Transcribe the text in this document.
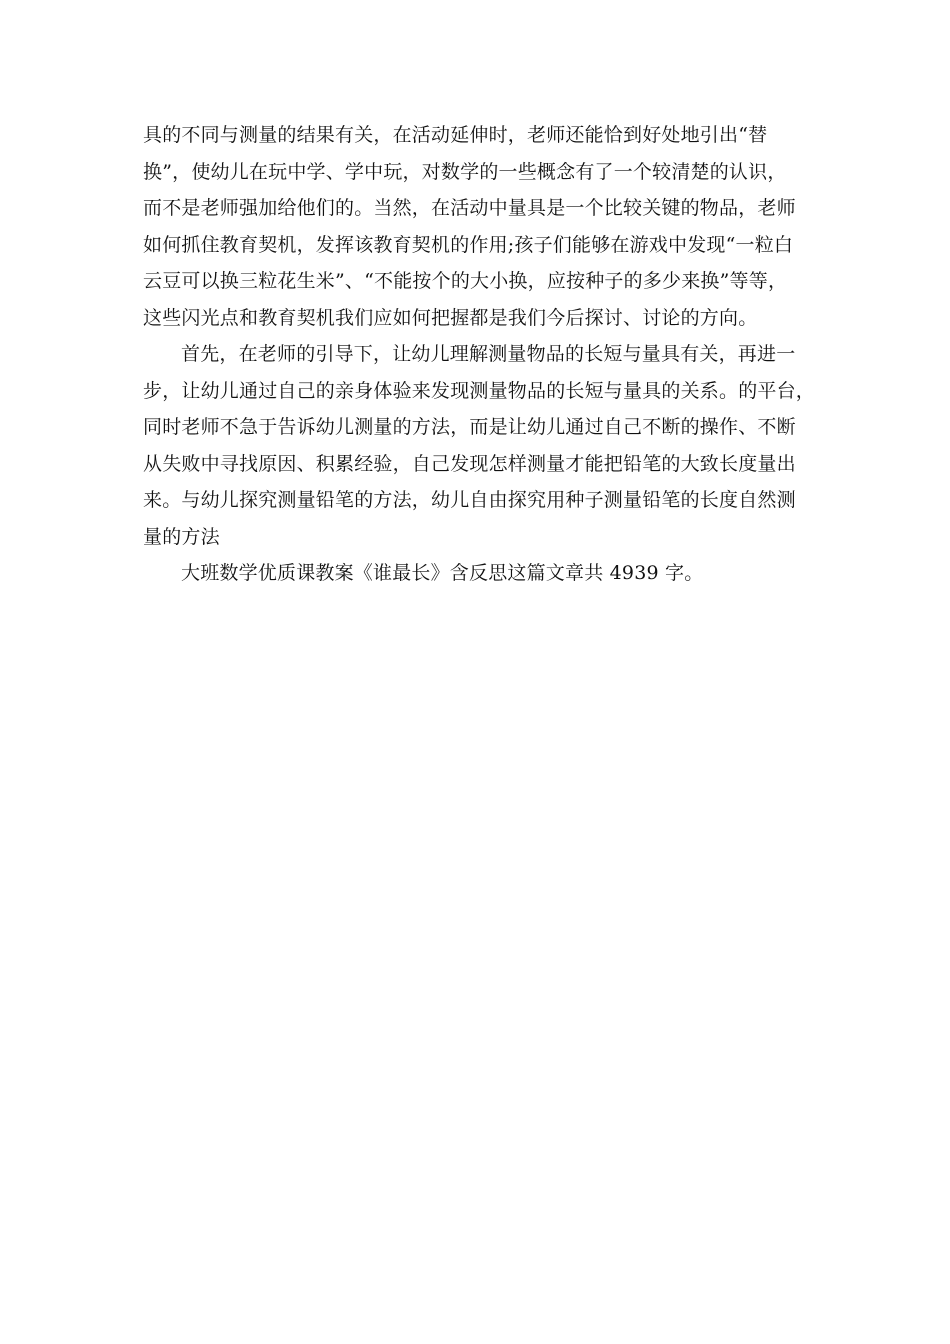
具的不同与测量的结果有关，在活动延伸时，老师还能恰到好处地引出“替
换”，使幼儿在玩中学、学中玩，对数学的一些概念有了一个较清楚的认识，
而不是老师强加给他们的。当然，在活动中量具是一个比较关键的物品，老师
如何抓住教育契机，发挥该教育契机的作用;孩子们能够在游戏中发现“一粒白
云豆可以换三粒花生米”、“不能按个的大小换，应按种子的多少来换”等等，
这些闪光点和教育契机我们应如何把握都是我们今后探讨、讨论的方向。
首先，在老师的引导下，让幼儿理解测量物品的长短与量具有关，再进一
步，让幼儿通过自己的亲身体验来发现测量物品的长短与量具的关系。的平台，
同时老师不急于告诉幼儿测量的方法，而是让幼儿通过自己不断的操作、不断
从失败中寻找原因、积累经验，自己发现怎样测量才能把铅笔的大致长度量出
来。与幼儿探究测量铅笔的方法，幼儿自由探究用种子测量铅笔的长度自然测
量的方法
大班数学优质课教案《谁最长》含反思这篇文章共 4939 字。
